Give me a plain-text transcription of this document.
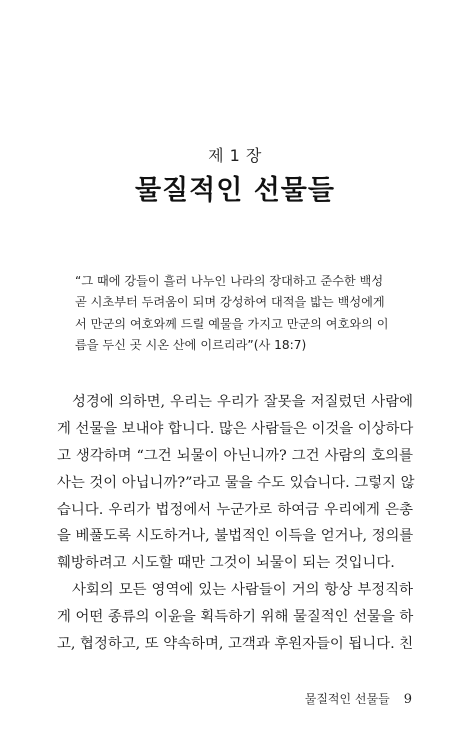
제 1 장
물질적인 선물들
“그 때에 강들이 흘러 나누인 나라의 장대하고 준수한 백성
곧 시초부터 두려움이 되며 강성하여 대적을 밟는 백성에게
서 만군의 여호와께 드릴 예물을 가지고 만군의 여호와의 이
름을 두신 곳 시온 산에 이르리라”(사 18:7)
성경에 의하면, 우리는 우리가 잘못을 저질렀던 사람에
게 선물을 보내야 합니다. 많은 사람들은 이것을 이상하다
고 생각하며 “그건 뇌물이 아닌니까? 그건 사람의 호의를
사는 것이 아닙니까?”라고 물을 수도 있습니다. 그렇지 않
습니다. 우리가 법정에서 누군가로 하여금 우리에게 은총
을 베풀도록 시도하거나, 불법적인 이득을 얻거나, 정의를
훼방하려고 시도할 때만 그것이 뇌물이 되는 것입니다.
사회의 모든 영역에 있는 사람들이 거의 항상 부정직하
게 어떤 종류의 이윤을 획득하기 위해 물질적인 선물을 하
고, 협정하고, 또 약속하며, 고객과 후원자들이 됩니다. 친
물질적인 선물들 9
